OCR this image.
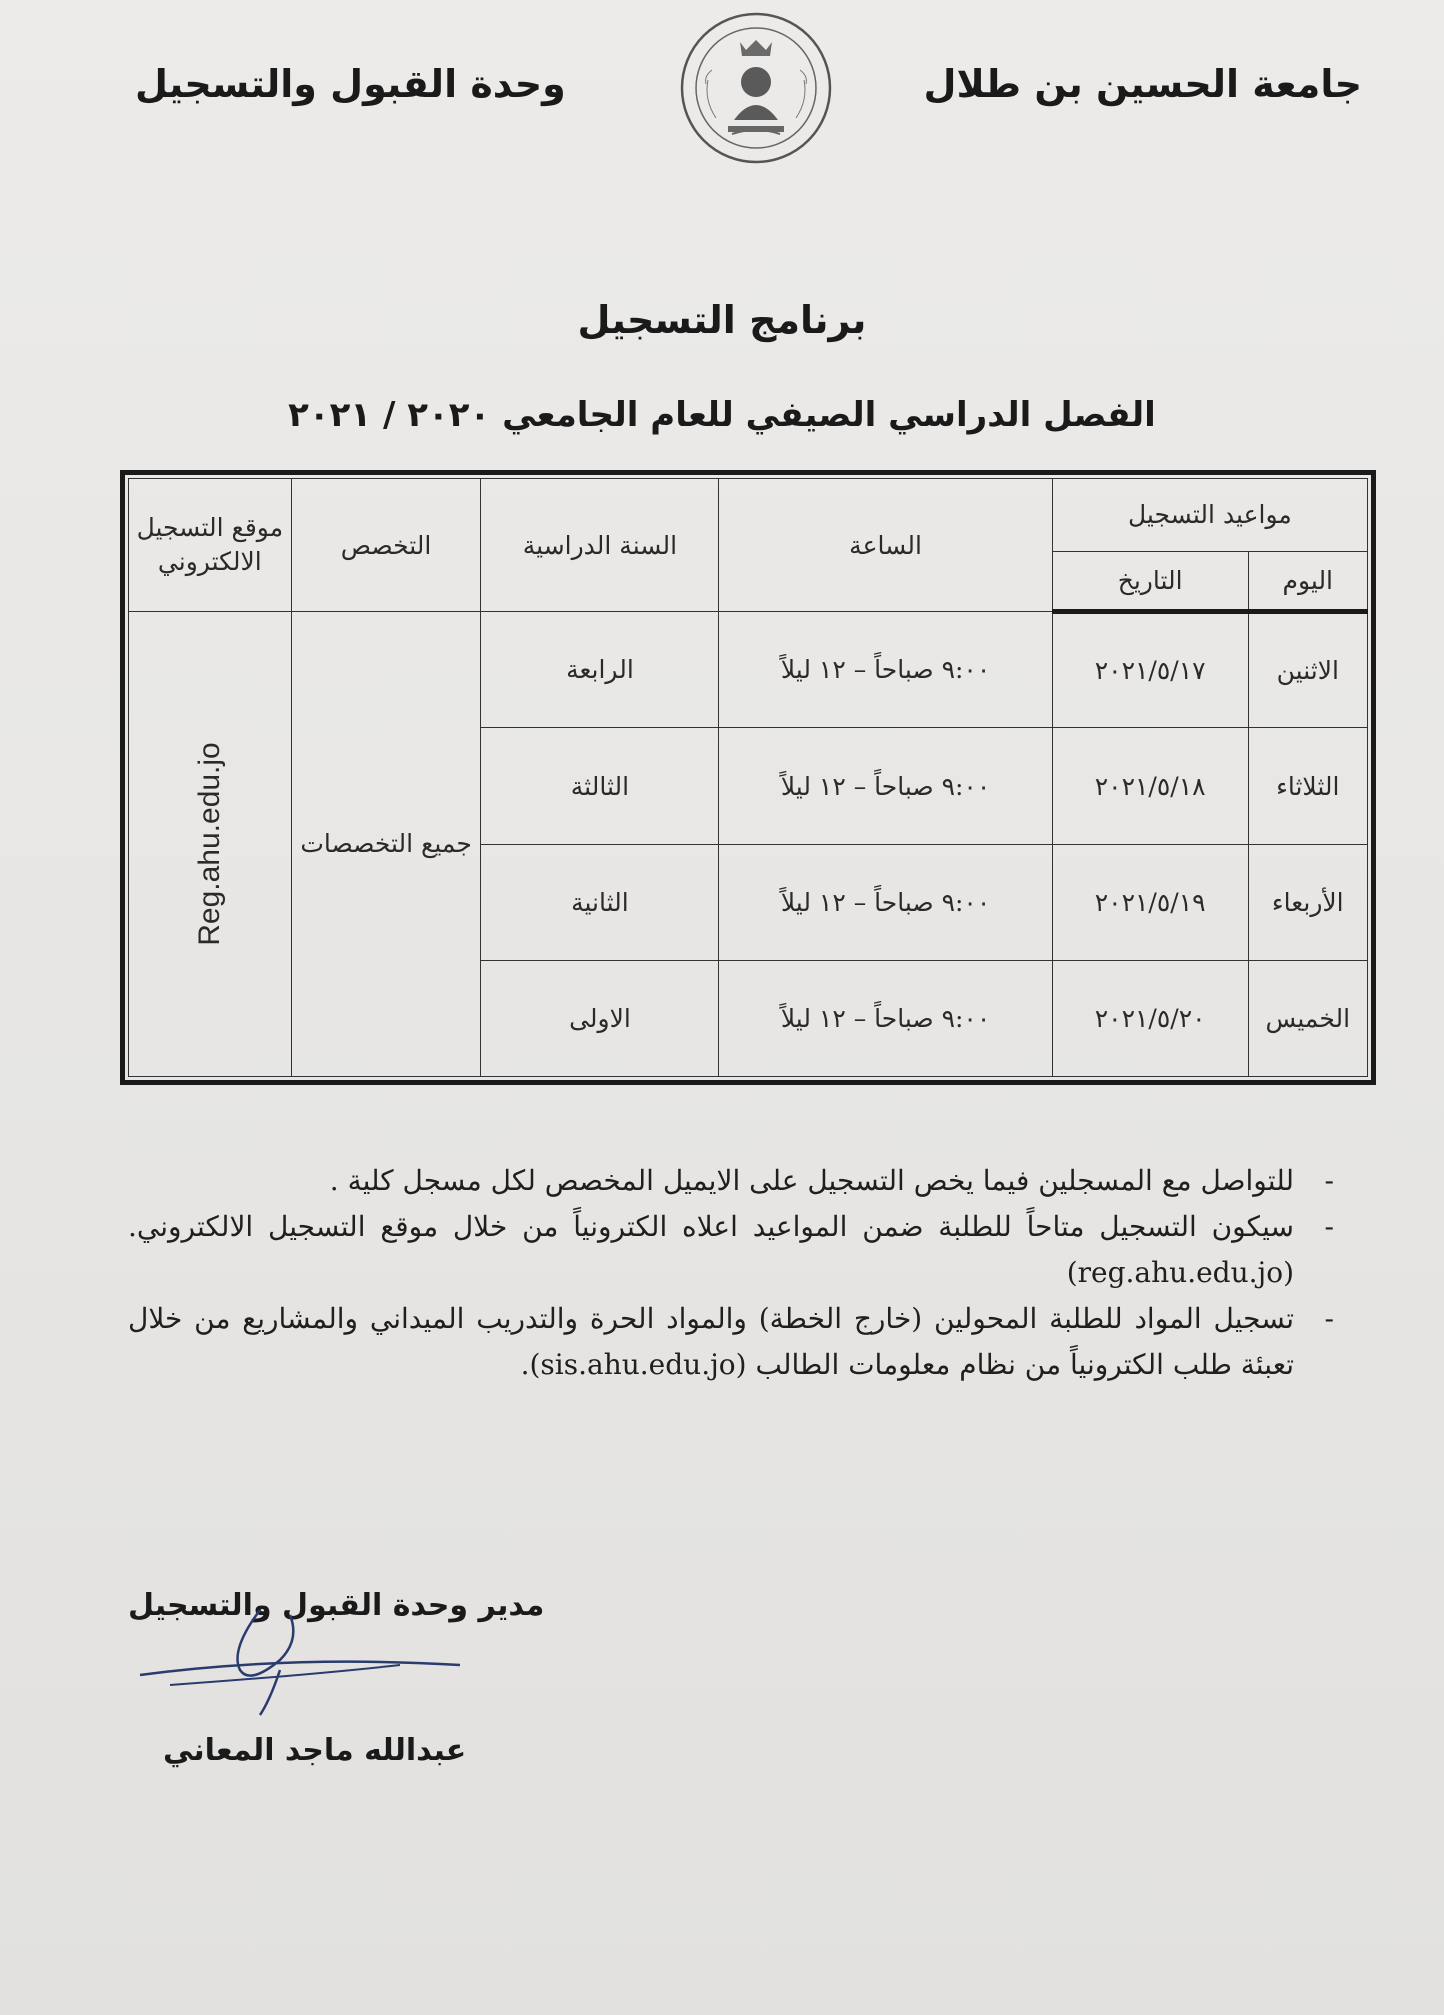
جامعة الحسين بن طلال
وحدة القبول والتسجيل
برنامج التسجيل
الفصل الدراسي الصيفي للعام الجامعي ٢٠٢٠ / ٢٠٢١
مواعيد التسجيل		الساعة	السنة الدراسية	التخصص	موقع التسجيل الالكتروني
اليوم	التاريخ				
الاثنين	٢٠٢١/٥/١٧	٩:٠٠ صباحاً – ١٢ ليلاً	الرابعة	جميع التخصصات	Reg.ahu.edu.jo

الثلاثاء	٢٠٢١/٥/١٨	٩:٠٠ صباحاً – ١٢ ليلاً	الثالثة		
الأربعاء	٢٠٢١/٥/١٩	٩:٠٠ صباحاً – ١٢ ليلاً	الثانية		
الخميس	٢٠٢١/٥/٢٠	٩:٠٠ صباحاً – ١٢ ليلاً	الاولى		
- للتواصل مع المسجلين فيما يخص التسجيل على الايميل المخصص لكل مسجل كلية .
- سيكون التسجيل متاحاً للطلبة ضمن المواعيد اعلاه الكترونياً من خلال موقع التسجيل الالكتروني.(reg.ahu.edu.jo)
- تسجيل المواد للطلبة المحولين (خارج الخطة) والمواد الحرة والتدريب الميداني والمشاريع من خلال تعبئة طلب الكترونياً من نظام معلومات الطالب (sis.ahu.edu.jo).
مدير وحدة القبول والتسجيل
عبدالله ماجد المعاني
